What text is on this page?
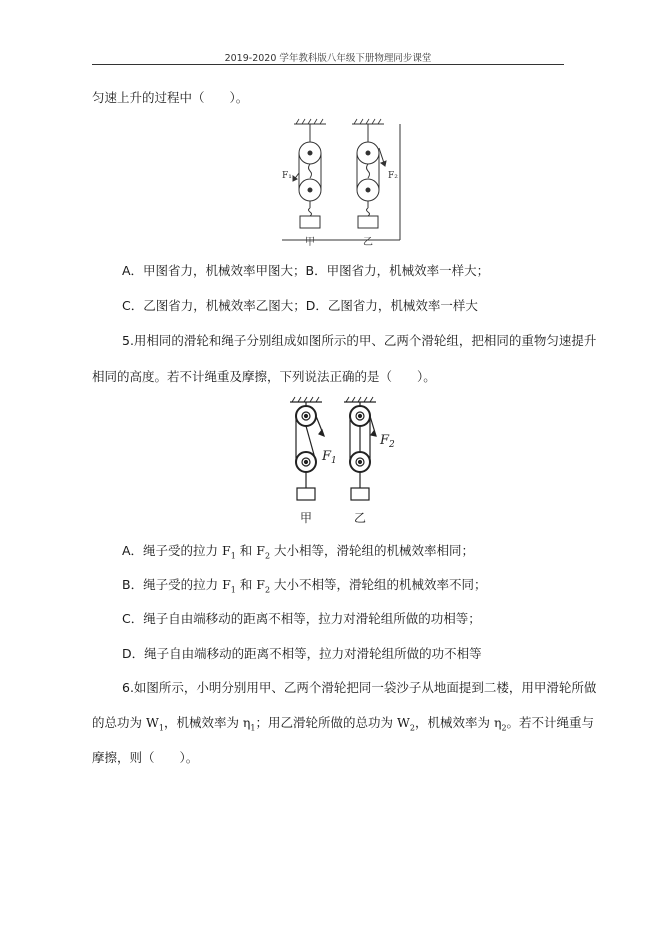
2019-2020 学年教科版八年级下册物理同步课堂
匀速上升的过程中（　　）。
F₁	F₂
甲	乙
A．甲图省力，机械效率甲图大；B．甲图省力，机械效率一样大；
C．乙图省力，机械效率乙图大；D．乙图省力，机械效率一样大
5.用相同的滑轮和绳子分别组成如图所示的甲、乙两个滑轮组，把相同的重物匀速提升
相同的高度。若不计绳重及摩擦，下列说法正确的是（　　）。
$F_1$
$F_2$
甲	乙
A．绳子受的拉力 $F_1$ 和 $F_2$ 大小相等，滑轮组的机械效率相同；
B．绳子受的拉力 $F_1$ 和 $F_2$ 大小不相等，滑轮组的机械效率不同；
C．绳子自由端移动的距离不相等，拉力对滑轮组所做的功相等；
D．绳子自由端移动的距离不相等，拉力对滑轮组所做的功不相等
6.如图所示，小明分别用甲、乙两个滑轮把同一袋沙子从地面提到二楼，用甲滑轮所做
的总功为 $W_1$，机械效率为 $\eta_1$；用乙滑轮所做的总功为 $W_2$，机械效率为 $\eta_2$。若不计绳重与
摩擦，则（　　）。
